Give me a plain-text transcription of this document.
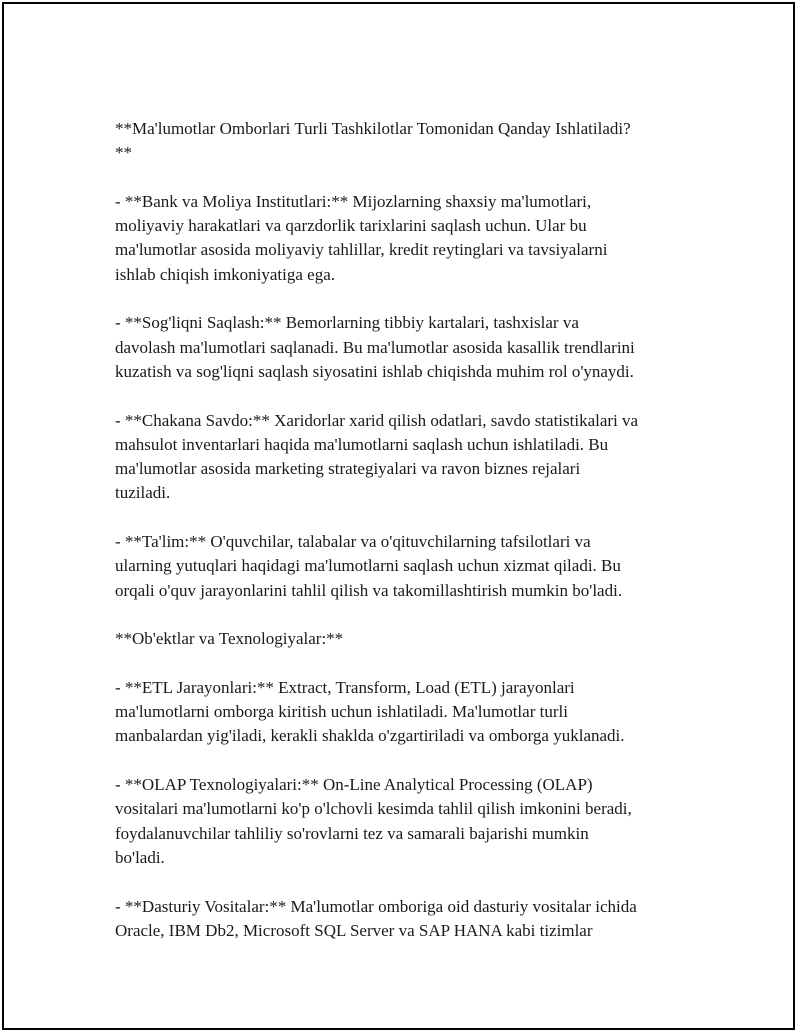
**Ma'lumotlar Omborlari Turli Tashkilotlar Tomonidan Qanday Ishlatiladi?
**

- **Bank va Moliya Institutlari:** Mijozlarning shaxsiy ma'lumotlari,
moliyaviy harakatlari va qarzdorlik tarixlarini saqlash uchun. Ular bu
ma'lumotlar asosida moliyaviy tahlillar, kredit reytinglari va tavsiyalarni
ishlab chiqish imkoniyatiga ega.

- **Sog'liqni Saqlash:** Bemorlarning tibbiy kartalari, tashxislar va
davolash ma'lumotlari saqlanadi. Bu ma'lumotlar asosida kasallik trendlarini
kuzatish va sog'liqni saqlash siyosatini ishlab chiqishda muhim rol o'ynaydi.

- **Chakana Savdo:** Xaridorlar xarid qilish odatlari, savdo statistikalari va
mahsulot inventarlari haqida ma'lumotlarni saqlash uchun ishlatiladi. Bu
ma'lumotlar asosida marketing strategiyalari va ravon biznes rejalari
tuziladi.

- **Ta'lim:** O'quvchilar, talabalar va o'qituvchilarning tafsilotlari va
ularning yutuqlari haqidagi ma'lumotlarni saqlash uchun xizmat qiladi. Bu
orqali o'quv jarayonlarini tahlil qilish va takomillashtirish mumkin bo'ladi.

**Ob'ektlar va Texnologiyalar:**

- **ETL Jarayonlari:** Extract, Transform, Load (ETL) jarayonlari
ma'lumotlarni omborga kiritish uchun ishlatiladi. Ma'lumotlar turli
manbalardan yig'iladi, kerakli shaklda o'zgartiriladi va omborga yuklanadi.

- **OLAP Texnologiyalari:** On-Line Analytical Processing (OLAP)
vositalari ma'lumotlarni ko'p o'lchovli kesimda tahlil qilish imkonini beradi,
foydalanuvchilar tahliliy so'rovlarni tez va samarali bajarishi mumkin
bo'ladi.

- **Dasturiy Vositalar:** Ma'lumotlar omboriga oid dasturiy vositalar ichida
Oracle, IBM Db2, Microsoft SQL Server va SAP HANA kabi tizimlar
